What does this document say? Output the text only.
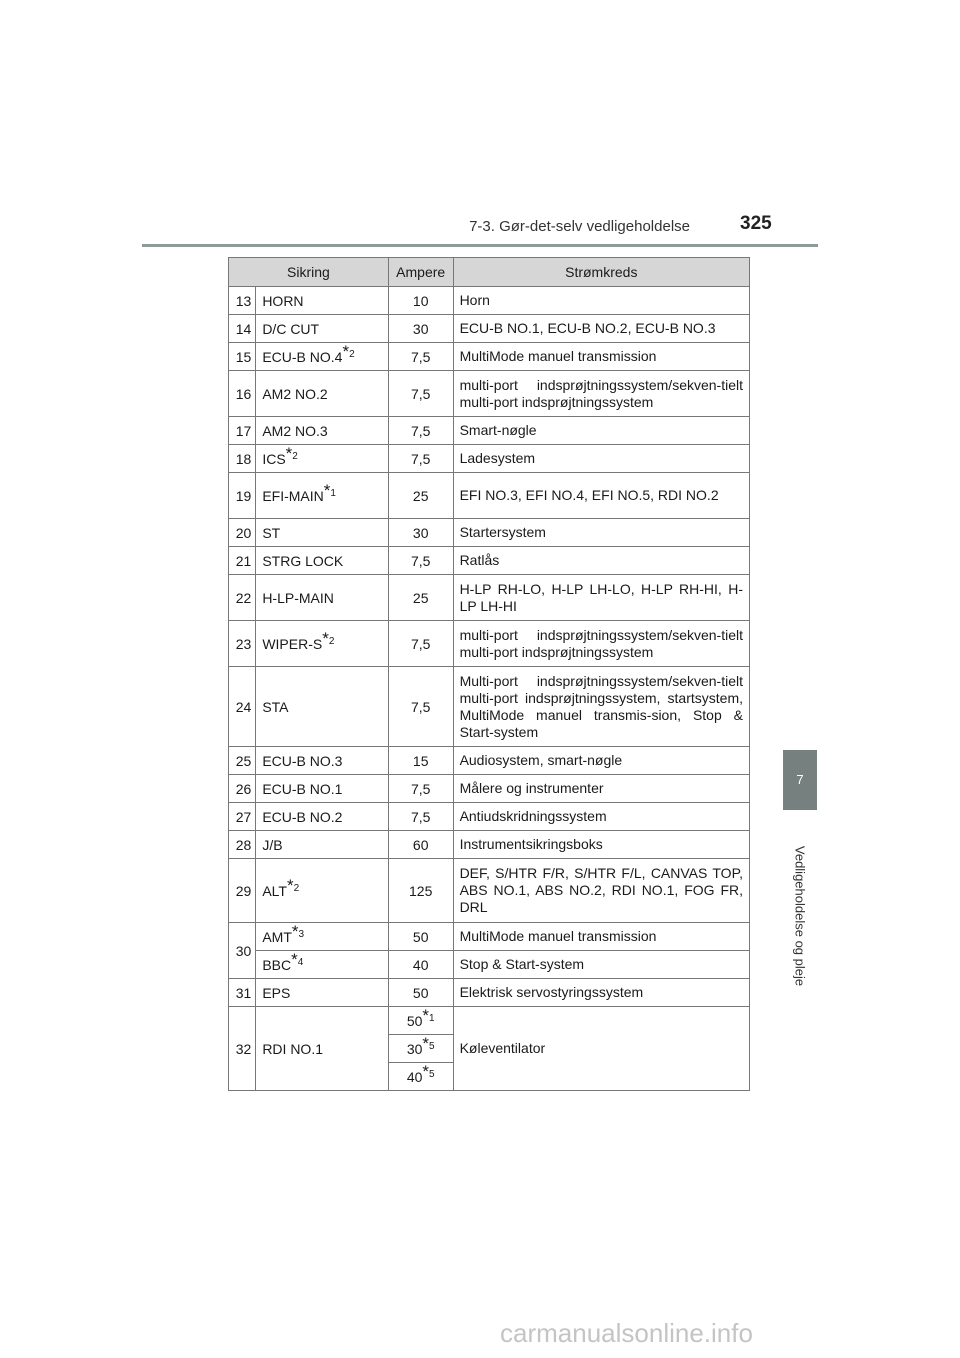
7-3. Gør-det-selv vedligeholdelse	325
7
Vedligeholdelse og pleje
Sikring		Ampere	Strømkreds
13	HORN	10	Horn
14	D/C CUT	30	ECU-B NO.1, ECU-B NO.2, ECU-B NO.3
15	ECU-B NO.4$^{*2}$	7,5	MultiMode manuel transmission
16	AM2 NO.2	7,5	multi-port indsprøjtningssystem/sekven-tielt multi-port indsprøjtningssystem
17	AM2 NO.3	7,5	Smart-nøgle
18	ICS$^{*2}$	7,5	Ladesystem
19	EFI-MAIN$^{*1}$	25	EFI NO.3, EFI NO.4, EFI NO.5, RDI NO.2
20	ST	30	Startersystem
21	STRG LOCK	7,5	Ratlås
22	H-LP-MAIN	25	H-LP RH-LO, H-LP LH-LO, H-LP RH-HI, H-LP LH-HI
23	WIPER-$S^{*2}$	7,5	multi-port indsprøjtningssystem/sekven-tielt multi-port indsprøjtningssystem
24	STA	7,5	Multi-port indsprøjtningssystem/sekven-tielt multi-port indsprøjtningssystem, startsystem, MultiMode manuel transmis-sion, Stop & Start-system
25	ECU-B NO.3	15	Audiosystem, smart-nøgle
26	ECU-B NO.1	7,5	Målere og instrumenter
27	ECU-B NO.2	7,5	Antiudskridningssystem
28	J/B	60	Instrumentsikringsboks
29	ALT$^{*2}$	125	DEF, S/HTR F/R, S/HTR F/L, CANVAS TOP, ABS NO.1, ABS NO.2, RDI NO.1, FOG FR, DRL
30	AMT$^{*3}$	50	MultiMode manuel transmission
	BBC$^{*4}$	40	Stop & Start-system
31	EPS	50	Elektrisk servostyringssystem
32	RDI NO.1	50$^{*1}$	Køleventilator
		30$^{*5}$
		40$^{*5}$
carmanualsonline.info
